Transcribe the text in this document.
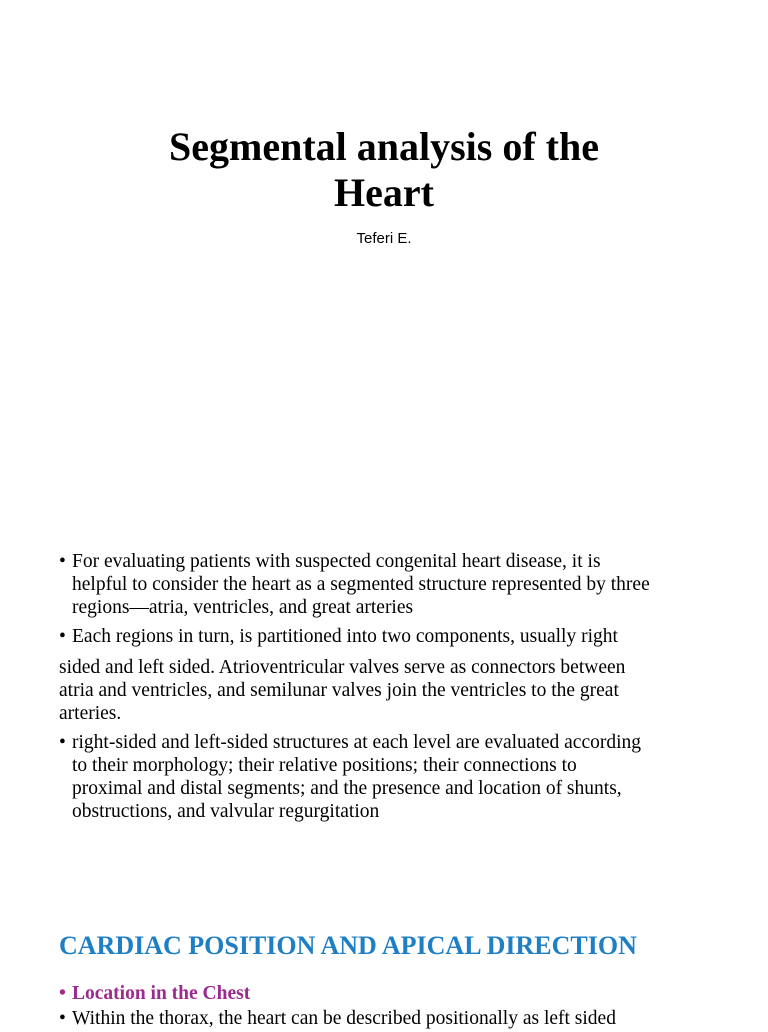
Segmental analysis of the
Heart
Teferi E.
• For evaluating patients with suspected congenital heart disease, it is
helpful to consider the heart as a segmented structure represented by three
regions—atria, ventricles, and great arteries
• Each regions in turn, is partitioned into two components, usually right
sided and left sided. Atrioventricular valves serve as connectors between
atria and ventricles, and semilunar valves join the ventricles to the great
arteries.
• right-sided and left-sided structures at each level are evaluated according
to their morphology; their relative positions; their connections to
proximal and distal segments; and the presence and location of shunts,
obstructions, and valvular regurgitation
CARDIAC POSITION AND APICAL DIRECTION
• Location in the Chest
• Within the thorax, the heart can be described positionally as left sided
